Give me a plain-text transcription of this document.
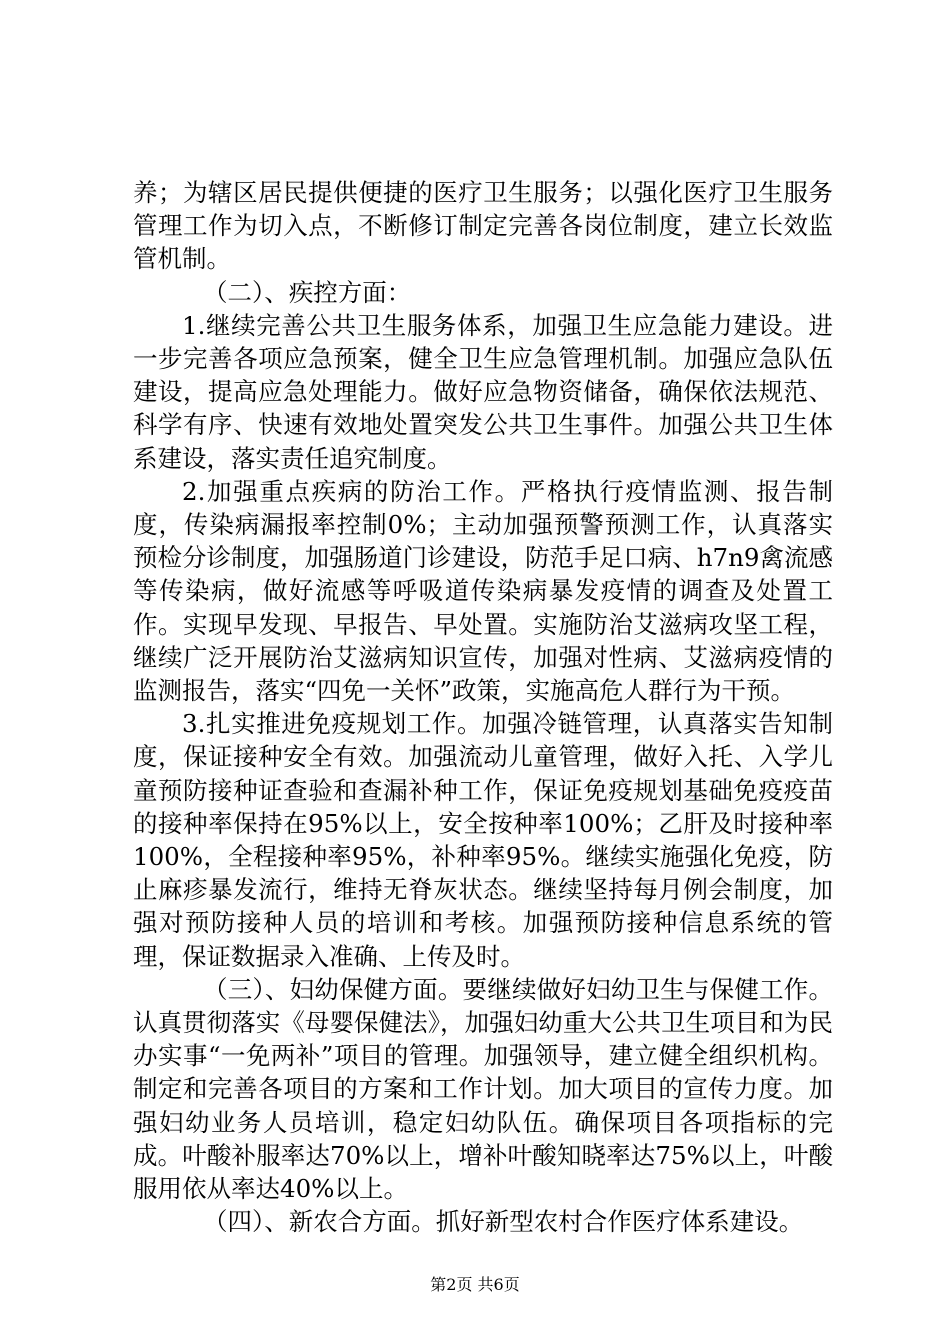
养；为辖区居民提供便捷的医疗卫生服务；以强化医疗卫生服务管理工作为切入点，不断修订制定完善各岗位制度，建立长效监管机制。

（二）、疾控方面：

1.继续完善公共卫生服务体系，加强卫生应急能力建设。进一步完善各项应急预案，健全卫生应急管理机制。加强应急队伍建设，提高应急处理能力。做好应急物资储备，确保依法规范、科学有序、快速有效地处置突发公共卫生事件。加强公共卫生体系建设，落实责任追究制度。

2.加强重点疾病的防治工作。严格执行疫情监测、报告制度，传染病漏报率控制0%；主动加强预警预测工作，认真落实预检分诊制度，加强肠道门诊建设，防范手足口病、h7n9禽流感等传染病，做好流感等呼吸道传染病暴发疫情的调查及处置工作。实现早发现、早报告、早处置。实施防治艾滋病攻坚工程，继续广泛开展防治艾滋病知识宣传，加强对性病、艾滋病疫情的监测报告，落实“四免一关怀”政策，实施高危人群行为干预。

3.扎实推进免疫规划工作。加强冷链管理，认真落实告知制度，保证接种安全有效。加强流动儿童管理，做好入托、入学儿童预防接种证查验和查漏补种工作，保证免疫规划基础免疫疫苗的接种率保持在95%以上，安全按种率100%；乙肝及时接种率100%，全程接种率95%，补种率95%。继续实施强化免疫，防止麻疹暴发流行，维持无脊灰状态。继续坚持每月例会制度，加强对预防接种人员的培训和考核。加强预防接种信息系统的管理，保证数据录入准确、上传及时。

（三）、妇幼保健方面。要继续做好妇幼卫生与保健工作。认真贯彻落实《母婴保健法》，加强妇幼重大公共卫生项目和为民办实事“一免两补”项目的管理。加强领导，建立健全组织机构。制定和完善各项目的方案和工作计划。加大项目的宣传力度。加强妇幼业务人员培训，稳定妇幼队伍。确保项目各项指标的完成。叶酸补服率达70%以上，增补叶酸知晓率达75%以上，叶酸服用依从率达40%以上。

（四）、新农合方面。抓好新型农村合作医疗体系建设。

第2页 共6页
